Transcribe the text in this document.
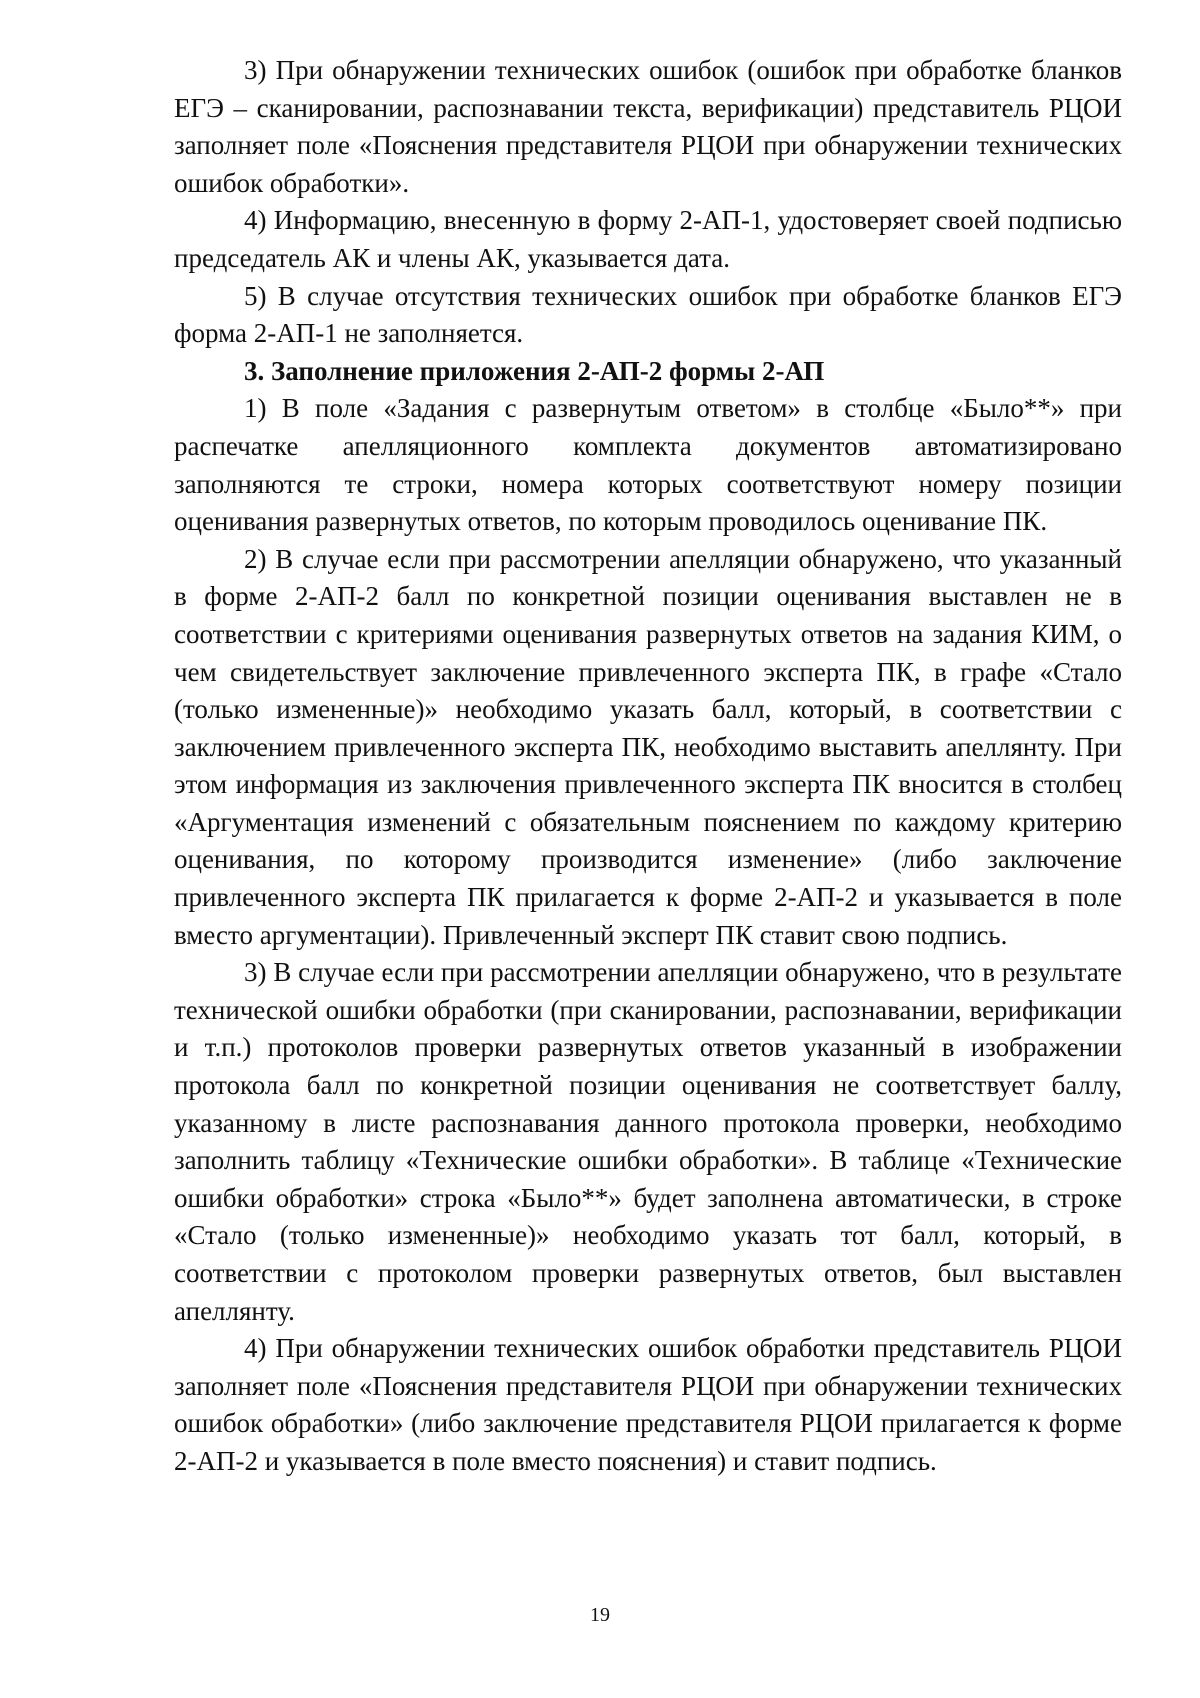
3) При обнаружении технических ошибок (ошибок при обработке бланков ЕГЭ – сканировании, распознавании текста, верификации) представитель РЦОИ заполняет поле «Пояснения представителя РЦОИ при обнаружении технических ошибок обработки».

4) Информацию, внесенную в форму 2-АП-1, удостоверяет своей подписью председатель АК и члены АК, указывается дата.

5) В случае отсутствия технических ошибок при обработке бланков ЕГЭ форма 2-АП-1 не заполняется.

3. Заполнение приложения 2-АП-2 формы 2-АП

1) В поле «Задания с развернутым ответом» в столбце «Было**» при распечатке апелляционного комплекта документов автоматизировано заполняются те строки, номера которых соответствуют номеру позиции оценивания развернутых ответов, по которым проводилось оценивание ПК.

2) В случае если при рассмотрении апелляции обнаружено, что указанный в форме 2-АП-2 балл по конкретной позиции оценивания выставлен не в соответствии с критериями оценивания развернутых ответов на задания КИМ, о чем свидетельствует заключение привлеченного эксперта ПК, в графе «Стало (только измененные)» необходимо указать балл, который, в соответствии с заключением привлеченного эксперта ПК, необходимо выставить апеллянту. При этом информация из заключения привлеченного эксперта ПК вносится в столбец «Аргументация изменений с обязательным пояснением по каждому критерию оценивания, по которому производится изменение» (либо заключение привлеченного эксперта ПК прилагается к форме 2-АП-2 и указывается в поле вместо аргументации). Привлеченный эксперт ПК ставит свою подпись.

3) В случае если при рассмотрении апелляции обнаружено, что в результате технической ошибки обработки (при сканировании, распознавании, верификации и т.п.) протоколов проверки развернутых ответов указанный в изображении протокола балл по конкретной позиции оценивания не соответствует баллу, указанному в листе распознавания данного протокола проверки, необходимо заполнить таблицу «Технические ошибки обработки». В таблице «Технические ошибки обработки» строка «Было**» будет заполнена автоматически, в строке «Стало (только измененные)» необходимо указать тот балл, который, в соответствии с протоколом проверки развернутых ответов, был выставлен апеллянту.

4) При обнаружении технических ошибок обработки представитель РЦОИ заполняет поле «Пояснения представителя РЦОИ при обнаружении технических ошибок обработки» (либо заключение представителя РЦОИ прилагается к форме 2-АП-2 и указывается в поле вместо пояснения) и ставит подпись.

19
